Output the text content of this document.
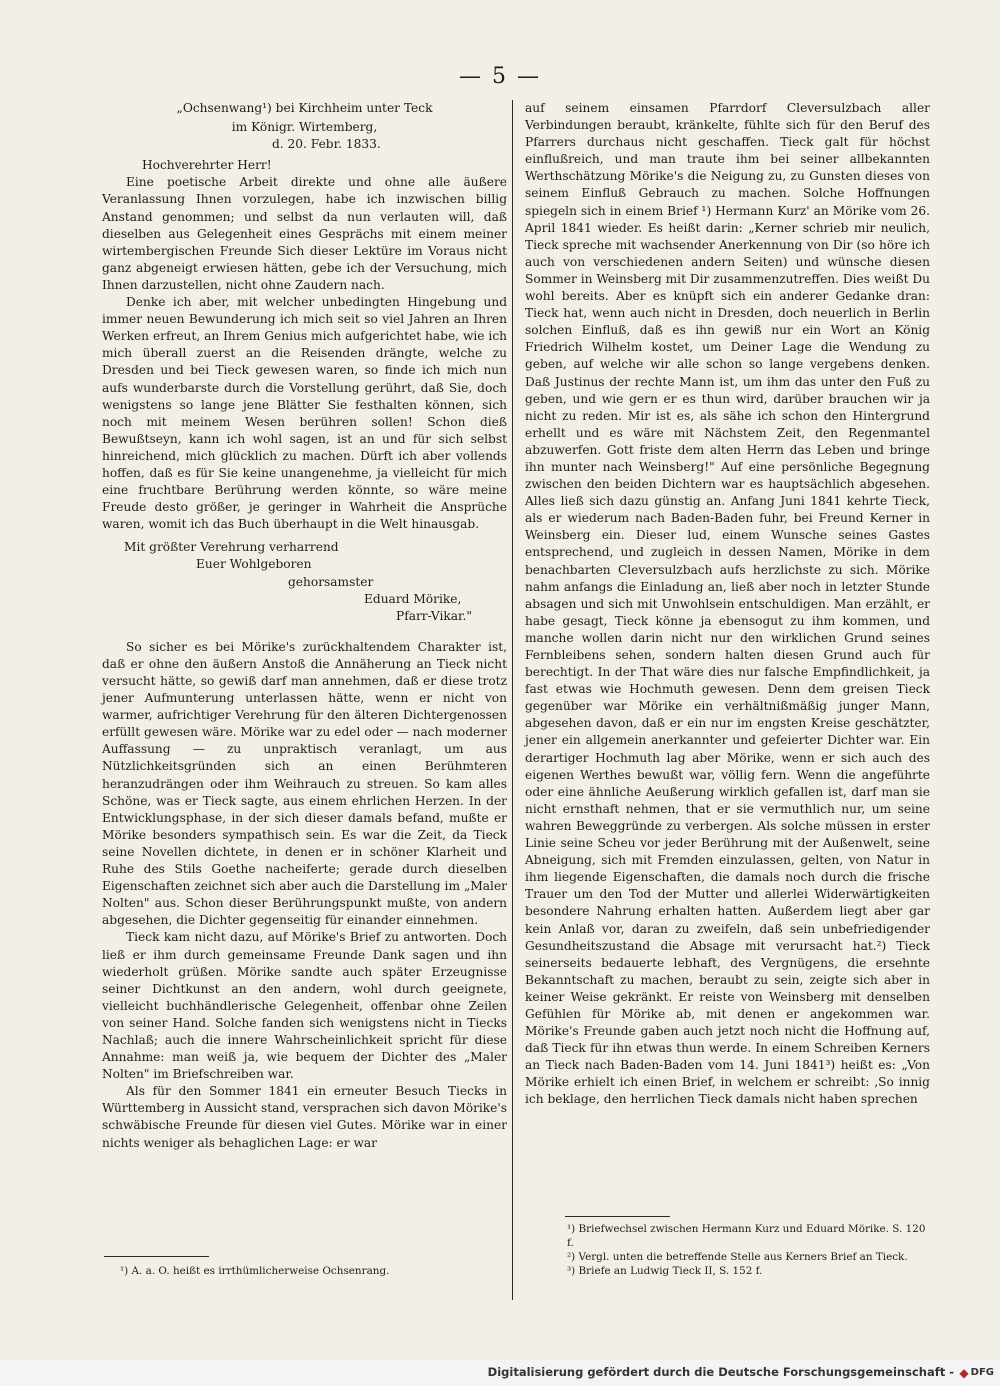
— 5 —

„Ochsenwang¹) bei Kirchheim unter Teck

im Königr. Wirtemberg,

d. 20. Febr. 1833.

Hochverehrter Herr!

Eine poetische Arbeit direkte und ohne alle äußere Veranlassung Ihnen vorzulegen, habe ich inzwischen billig Anstand genommen; und selbst da nun verlauten will, daß dieselben aus Gelegenheit eines Gesprächs mit einem meiner wirtembergischen Freunde Sich dieser Lektüre im Voraus nicht ganz abgeneigt erwiesen hätten, gebe ich der Versuchung, mich Ihnen darzustellen, nicht ohne Zaudern nach.

Denke ich aber, mit welcher unbedingten Hingebung und immer neuen Bewunderung ich mich seit so viel Jahren an Ihren Werken erfreut, an Ihrem Genius mich aufgerichtet habe, wie ich mich überall zuerst an die Reisenden drängte, welche zu Dresden und bei Tieck gewesen waren, so finde ich mich nun aufs wunderbarste durch die Vorstellung gerührt, daß Sie, doch wenigstens so lange jene Blätter Sie festhalten können, sich noch mit meinem Wesen berühren sollen! Schon dieß Bewußtseyn, kann ich wohl sagen, ist an und für sich selbst hinreichend, mich glücklich zu machen. Dürft ich aber vollends hoffen, daß es für Sie keine unangenehme, ja vielleicht für mich eine fruchtbare Berührung werden könnte, so wäre meine Freude desto größer, je geringer in Wahrheit die Ansprüche waren, womit ich das Buch überhaupt in die Welt hinausgab.

Mit größter Verehrung verharrend

Euer Wohlgeboren

gehorsamster

Eduard Mörike,

Pfarr-Vikar."

So sicher es bei Mörike's zurückhaltendem Charakter ist, daß er ohne den äußern Anstoß die Annäherung an Tieck nicht versucht hätte, so gewiß darf man annehmen, daß er diese trotz jener Aufmunterung unterlassen hätte, wenn er nicht von warmer, aufrichtiger Verehrung für den älteren Dichtergenossen erfüllt gewesen wäre. Mörike war zu edel oder — nach moderner Auffassung — zu unpraktisch veranlagt, um aus Nützlichkeitsgründen sich an einen Berühmteren heranzudrängen oder ihm Weihrauch zu streuen. So kam alles Schöne, was er Tieck sagte, aus einem ehrlichen Herzen. In der Entwicklungsphase, in der sich dieser damals befand, mußte er Mörike besonders sympathisch sein. Es war die Zeit, da Tieck seine Novellen dichtete, in denen er in schöner Klarheit und Ruhe des Stils Goethe nacheiferte; gerade durch dieselben Eigenschaften zeichnet sich aber auch die Darstellung im „Maler Nolten" aus. Schon dieser Berührungspunkt mußte, von andern abgesehen, die Dichter gegenseitig für einander einnehmen.

Tieck kam nicht dazu, auf Mörike's Brief zu antworten. Doch ließ er ihm durch gemeinsame Freunde Dank sagen und ihn wiederholt grüßen. Mörike sandte auch später Erzeugnisse seiner Dichtkunst an den andern, wohl durch geeignete, vielleicht buchhändlerische Gelegenheit, offenbar ohne Zeilen von seiner Hand. Solche fanden sich wenigstens nicht in Tiecks Nachlaß; auch die innere Wahrscheinlichkeit spricht für diese Annahme: man weiß ja, wie bequem der Dichter des „Maler Nolten" im Briefschreiben war.

Als für den Sommer 1841 ein erneuter Besuch Tiecks in Württemberg in Aussicht stand, versprachen sich davon Mörike's schwäbische Freunde für diesen viel Gutes. Mörike war in einer nichts weniger als behaglichen Lage: er war

auf seinem einsamen Pfarrdorf Cleversulzbach aller Verbindungen beraubt, kränkelte, fühlte sich für den Beruf des Pfarrers durchaus nicht geschaffen. Tieck galt für höchst einflußreich, und man traute ihm bei seiner allbekannten Werthschätzung Mörike's die Neigung zu, zu Gunsten dieses von seinem Einfluß Gebrauch zu machen. Solche Hoffnungen spiegeln sich in einem Brief ¹) Hermann Kurz' an Mörike vom 26. April 1841 wieder. Es heißt darin: „Kerner schrieb mir neulich, Tieck spreche mit wachsender Anerkennung von Dir (so höre ich auch von verschiedenen andern Seiten) und wünsche diesen Sommer in Weinsberg mit Dir zusammenzutreffen. Dies weißt Du wohl bereits. Aber es knüpft sich ein anderer Gedanke dran: Tieck hat, wenn auch nicht in Dresden, doch neuerlich in Berlin solchen Einfluß, daß es ihn gewiß nur ein Wort an König Friedrich Wilhelm kostet, um Deiner Lage die Wendung zu geben, auf welche wir alle schon so lange vergebens denken. Daß Justinus der rechte Mann ist, um ihm das unter den Fuß zu geben, und wie gern er es thun wird, darüber brauchen wir ja nicht zu reden. Mir ist es, als sähe ich schon den Hintergrund erhellt und es wäre mit Nächstem Zeit, den Regenmantel abzuwerfen. Gott friste dem alten Herrn das Leben und bringe ihn munter nach Weinsberg!" Auf eine persönliche Begegnung zwischen den beiden Dichtern war es hauptsächlich abgesehen. Alles ließ sich dazu günstig an. Anfang Juni 1841 kehrte Tieck, als er wiederum nach Baden-Baden fuhr, bei Freund Kerner in Weinsberg ein. Dieser lud, einem Wunsche seines Gastes entsprechend, und zugleich in dessen Namen, Mörike in dem benachbarten Cleversulzbach aufs herzlichste zu sich. Mörike nahm anfangs die Einladung an, ließ aber noch in letzter Stunde absagen und sich mit Unwohlsein entschuldigen. Man erzählt, er habe gesagt, Tieck könne ja ebensogut zu ihm kommen, und manche wollen darin nicht nur den wirklichen Grund seines Fernbleibens sehen, sondern halten diesen Grund auch für berechtigt. In der That wäre dies nur falsche Empfindlichkeit, ja fast etwas wie Hochmuth gewesen. Denn dem greisen Tieck gegenüber war Mörike ein verhältnißmäßig junger Mann, abgesehen davon, daß er ein nur im engsten Kreise geschätzter, jener ein allgemein anerkannter und gefeierter Dichter war. Ein derartiger Hochmuth lag aber Mörike, wenn er sich auch des eigenen Werthes bewußt war, völlig fern. Wenn die angeführte oder eine ähnliche Aeußerung wirklich gefallen ist, darf man sie nicht ernsthaft nehmen, that er sie vermuthlich nur, um seine wahren Beweggründe zu verbergen. Als solche müssen in erster Linie seine Scheu vor jeder Berührung mit der Außenwelt, seine Abneigung, sich mit Fremden einzulassen, gelten, von Natur in ihm liegende Eigenschaften, die damals noch durch die frische Trauer um den Tod der Mutter und allerlei Widerwärtigkeiten besondere Nahrung erhalten hatten. Außerdem liegt aber gar kein Anlaß vor, daran zu zweifeln, daß sein unbefriedigender Gesundheitszustand die Absage mit verursacht hat.²) Tieck seinerseits bedauerte lebhaft, des Vergnügens, die ersehnte Bekanntschaft zu machen, beraubt zu sein, zeigte sich aber in keiner Weise gekränkt. Er reiste von Weinsberg mit denselben Gefühlen für Mörike ab, mit denen er angekommen war. Mörike's Freunde gaben auch jetzt noch nicht die Hoffnung auf, daß Tieck für ihn etwas thun werde. In einem Schreiben Kerners an Tieck nach Baden-Baden vom 14. Juni 1841³) heißt es: „Von Mörike erhielt ich einen Brief, in welchem er schreibt: ‚So innig ich beklage, den herrlichen Tieck damals nicht haben sprechen

¹) A. a. O. heißt es irrthümlicherweise Ochsenrang.

¹) Briefwechsel zwischen Hermann Kurz und Eduard Mörike. S. 120 f.

²) Vergl. unten die betreffende Stelle aus Kerners Brief an Tieck.

³) Briefe an Ludwig Tieck II, S. 152 f.

Digitalisierung gefördert durch die Deutsche Forschungsgemeinschaft - ◆ DFG
